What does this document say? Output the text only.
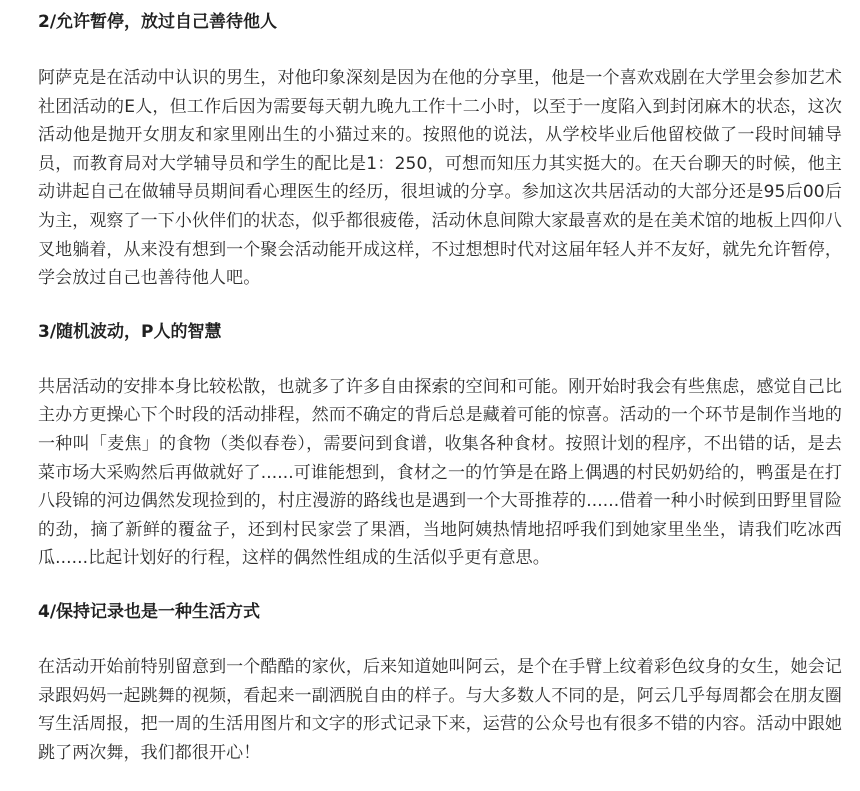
2/允许暂停，放过自己善待他人

阿萨克是在活动中认识的男生，对他印象深刻是因为在他的分享里，他是一个喜欢戏剧在大学里会参加艺术社团活动的E人，但工作后因为需要每天朝九晚九工作十二小时，以至于一度陷入到封闭麻木的状态，这次活动他是抛开女朋友和家里刚出生的小猫过来的。按照他的说法，从学校毕业后他留校做了一段时间辅导员，而教育局对大学辅导员和学生的配比是1：250，可想而知压力其实挺大的。在天台聊天的时候，他主动讲起自己在做辅导员期间看心理医生的经历，很坦诚的分享。参加这次共居活动的大部分还是95后00后为主，观察了一下小伙伴们的状态，似乎都很疲倦，活动休息间隙大家最喜欢的是在美术馆的地板上四仰八叉地躺着，从来没有想到一个聚会活动能开成这样，不过想想时代对这届年轻人并不友好，就先允许暂停，学会放过自己也善待他人吧。

3/随机波动，P人的智慧

共居活动的安排本身比较松散，也就多了许多自由探索的空间和可能。刚开始时我会有些焦虑，感觉自己比主办方更操心下个时段的活动排程，然而不确定的背后总是藏着可能的惊喜。活动的一个环节是制作当地的一种叫「麦焦」的食物（类似春卷），需要问到食谱，收集各种食材。按照计划的程序，不出错的话，是去菜市场大采购然后再做就好了......可谁能想到，食材之一的竹笋是在路上偶遇的村民奶奶给的，鸭蛋是在打八段锦的河边偶然发现捡到的，村庄漫游的路线也是遇到一个大哥推荐的......借着一种小时候到田野里冒险的劲，摘了新鲜的覆盆子，还到村民家尝了果酒，当地阿姨热情地招呼我们到她家里坐坐，请我们吃冰西瓜......比起计划好的行程，这样的偶然性组成的生活似乎更有意思。

4/保持记录也是一种生活方式

在活动开始前特别留意到一个酷酷的家伙，后来知道她叫阿云，是个在手臂上纹着彩色纹身的女生，她会记录跟妈妈一起跳舞的视频，看起来一副洒脱自由的样子。与大多数人不同的是，阿云几乎每周都会在朋友圈写生活周报，把一周的生活用图片和文字的形式记录下来，运营的公众号也有很多不错的内容。活动中跟她跳了两次舞，我们都很开心！
